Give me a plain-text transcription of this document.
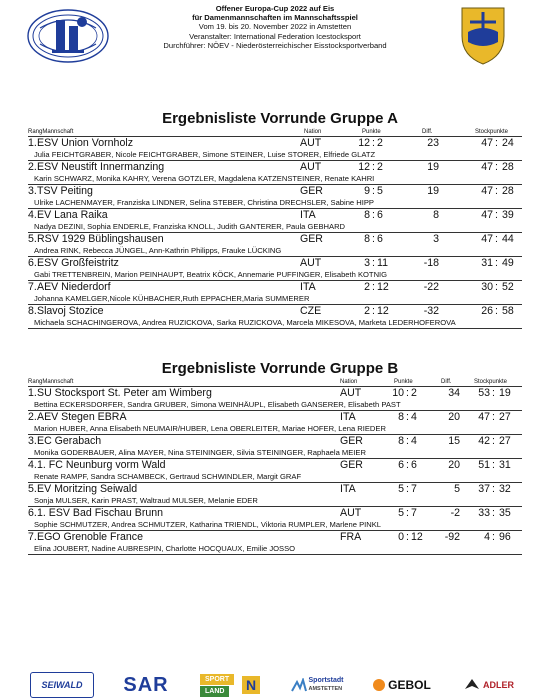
Offener Europa-Cup 2022 auf Eis
für Damenmannschaften im Mannschaftsspiel
Vom 19. bis 20. November 2022 in Amstetten
Veranstalter: International Federation Icestocksport
Durchführer: NÖEV - Niederösterreichischer Eisstocksportverband
Ergebnisliste Vorrunde Gruppe A
RangMannschaft	Nation	Punkte	Diff.	Stockpunkte
1. ESV Union Vornholz	AUT	12 : 2	23	47 : 24
Julia FEICHTGRABER, Nicole FEICHTGRABER, Simone STEINER, Luise STORER, Elfriede GLATZ
2. ESV Neustift Innermanzing	AUT	12 : 2	19	47 : 28
Karin SCHWARZ, Monika KAHRY, Verena GOTZLER, Magdalena KATZENSTEINER, Renate KAHRI
3. TSV Peiting	GER	9 : 5	19	47 : 28
Ulrike LACHENMAYER, Franziska LINDNER, Selina STEBER, Christina DRECHSLER, Sabine HIPP
4. EV Lana Raika	ITA	8 : 6	8	47 : 39
Nadya DEZINI, Sophia ENDERLE, Franziska KNOLL, Judith GANTERER, Paula GEBHARD
5. RSV 1929 Büblingshausen	GER	8 : 6	3	47 : 44
Andrea RINK, Rebecca JÜNGEL, Ann-Kathrin Philipps, Frauke LÜCKING
6. ESV Großfeistritz	AUT	3 : 11	-18	31 : 49
Gabi TRETTENBREIN, Marion PEINHAUPT, Beatrix KÖCK, Annemarie PUFFINGER, Elisabeth KOTNIG
7. AEV Niederdorf	ITA	2 : 12	-22	30 : 52
Johanna KAMELGER,Nicole KÜHBACHER,Ruth EPPACHER,Maria SUMMERER
8. Slavoj Stozice	CZE	2 : 12	-32	26 : 58
Michaela SCHACHINGEROVA, Andrea RUZICKOVA, Sarka RUZICKOVA, Marcela MIKESOVA, Marketa LEDERHOFEROVA
Ergebnisliste Vorrunde Gruppe B
RangMannschaft	Nation	Punkte	Diff.	Stockpunkte
1. SU Stocksport St. Peter am Wimberg	AUT	10 : 2	34	53 : 19
Bettina ECKERSDORFER, Sandra GRUBER, Simona WEINHÄUPL, Elisabeth GANSERER, Elisabeth PAST
2. AEV Stegen EBRA	ITA	8 : 4	20	47 : 27
Marion HUBER, Anna Elisabeth NEUMAIR/HUBER, Lena OBERLEITER, Mariae HOFER, Lena RIEDER
3. EC Gerabach	GER	8 : 4	15	42 : 27
Monika GODERBAUER, Alina MAYER, Nina STEININGER, Silvia STEININGER, Raphaela MEIER
4. 1. FC Neunburg vorm Wald	GER	6 : 6	20	51 : 31
Renate RAMPF, Sandra SCHAMBECK, Gertraud SCHWINDLER, Margit GRAF
5. EV Moritzing Seiwald	ITA	5 : 7	5	37 : 32
Sonja MULSER, Karin PRAST, Waltraud MULSER, Melanie EDER
6. 1. ESV Bad Fischau Brunn	AUT	5 : 7	-2	33 : 35
Sophie SCHMUTZER, Andrea SCHMUTZER, Katharina TRIENDL, Viktoria RUMPLER, Marlene PINKL
7. EGO Grenoble France	FRA	0 : 12	-92	4 : 96
Elina JOUBERT, Nadine AUBRESPIN, Charlotte HOCQUAUX, Emilie JOSSO
SEIWALD SAR	SPORT
LAND	N	Sportstadt
AMSTETTEN	GEBOL	ADLER
